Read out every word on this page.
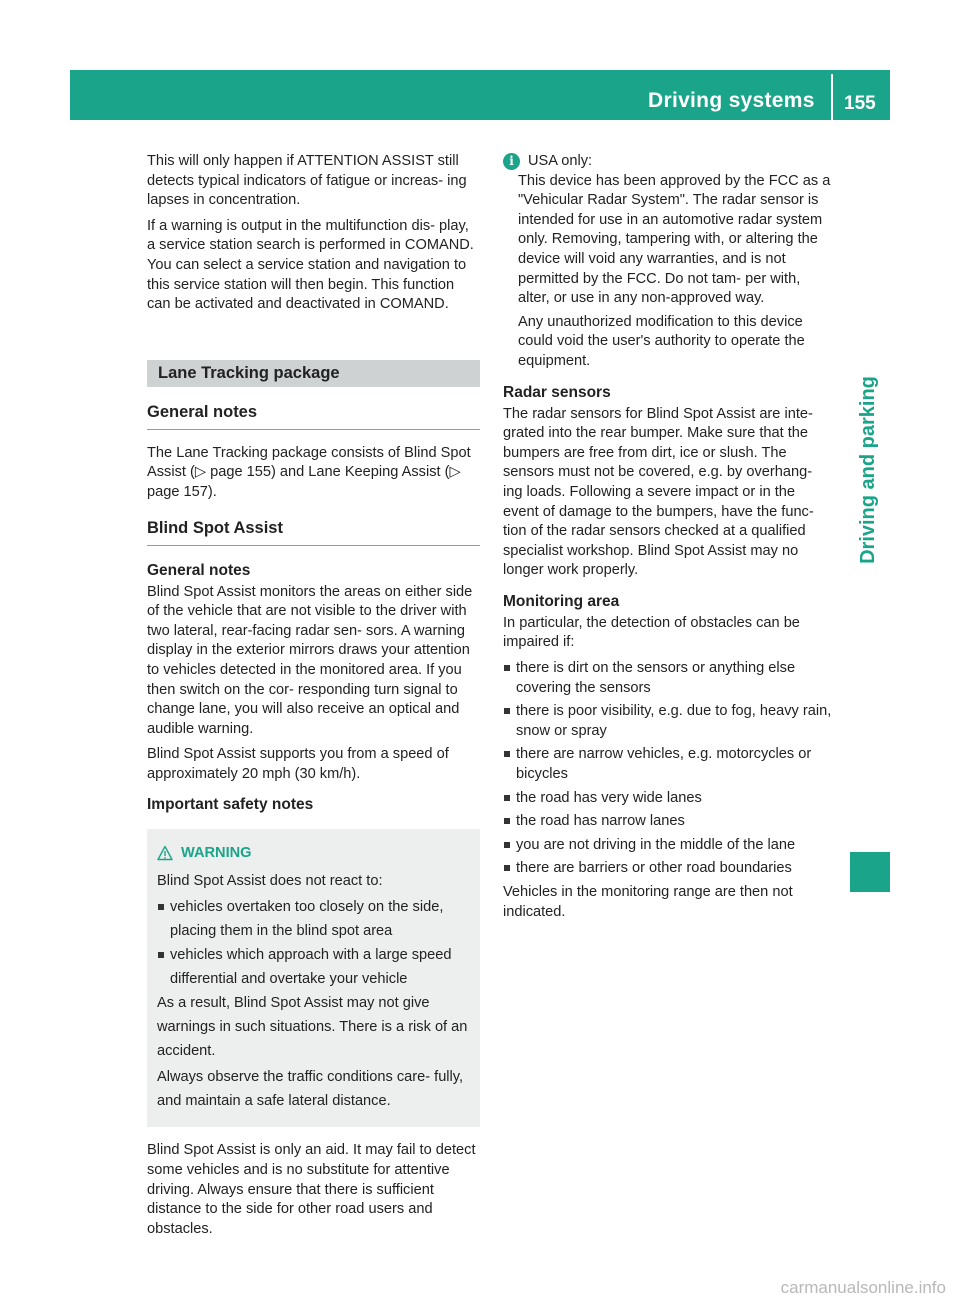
Driving systems 155
Driving and parking

This will only happen if ATTENTION ASSIST still detects typical indicators of fatigue or increas- ing lapses in concentration.

If a warning is output in the multifunction dis- play, a service station search is performed in COMAND. You can select a service station and navigation to this service station will then begin. This function can be activated and deactivated in COMAND.

Lane Tracking package
General notes

The Lane Tracking package consists of Blind Spot Assist (▷ page 155) and Lane Keeping Assist (▷ page 157).

Blind Spot Assist
General notes

Blind Spot Assist monitors the areas on either side of the vehicle that are not visible to the driver with two lateral, rear-facing radar sen- sors. A warning display in the exterior mirrors draws your attention to vehicles detected in the monitored area. If you then switch on the cor- responding turn signal to change lane, you will also receive an optical and audible warning.

Blind Spot Assist supports you from a speed of approximately 20 mph (30 km/h).

Important safety notes
WARNING

Blind Spot Assist does not react to:

vehicles overtaken too closely on the side, placing them in the blind spot area
vehicles which approach with a large speed differential and overtake your vehicle

As a result, Blind Spot Assist may not give warnings in such situations. There is a risk of an accident.

Always observe the traffic conditions care- fully, and maintain a safe lateral distance.

Blind Spot Assist is only an aid. It may fail to detect some vehicles and is no substitute for attentive driving. Always ensure that there is sufficient distance to the side for other road users and obstacles.

i USA only:

This device has been approved by the FCC as a "Vehicular Radar System". The radar sensor is intended for use in an automotive radar system only. Removing, tampering with, or altering the device will void any warranties, and is not permitted by the FCC. Do not tam- per with, alter, or use in any non-approved way.

Any unauthorized modification to this device could void the user's authority to operate the equipment.

Radar sensors

The radar sensors for Blind Spot Assist are inte- grated into the rear bumper. Make sure that the bumpers are free from dirt, ice or slush. The sensors must not be covered, e.g. by overhang- ing loads. Following a severe impact or in the event of damage to the bumpers, have the func- tion of the radar sensors checked at a qualified specialist workshop. Blind Spot Assist may no longer work properly.

Monitoring area

In particular, the detection of obstacles can be impaired if:

there is dirt on the sensors or anything else covering the sensors
there is poor visibility, e.g. due to fog, heavy rain, snow or spray
there are narrow vehicles, e.g. motorcycles or bicycles
the road has very wide lanes
the road has narrow lanes
you are not driving in the middle of the lane
there are barriers or other road boundaries

Vehicles in the monitoring range are then not indicated.

carmanualsonline.info
